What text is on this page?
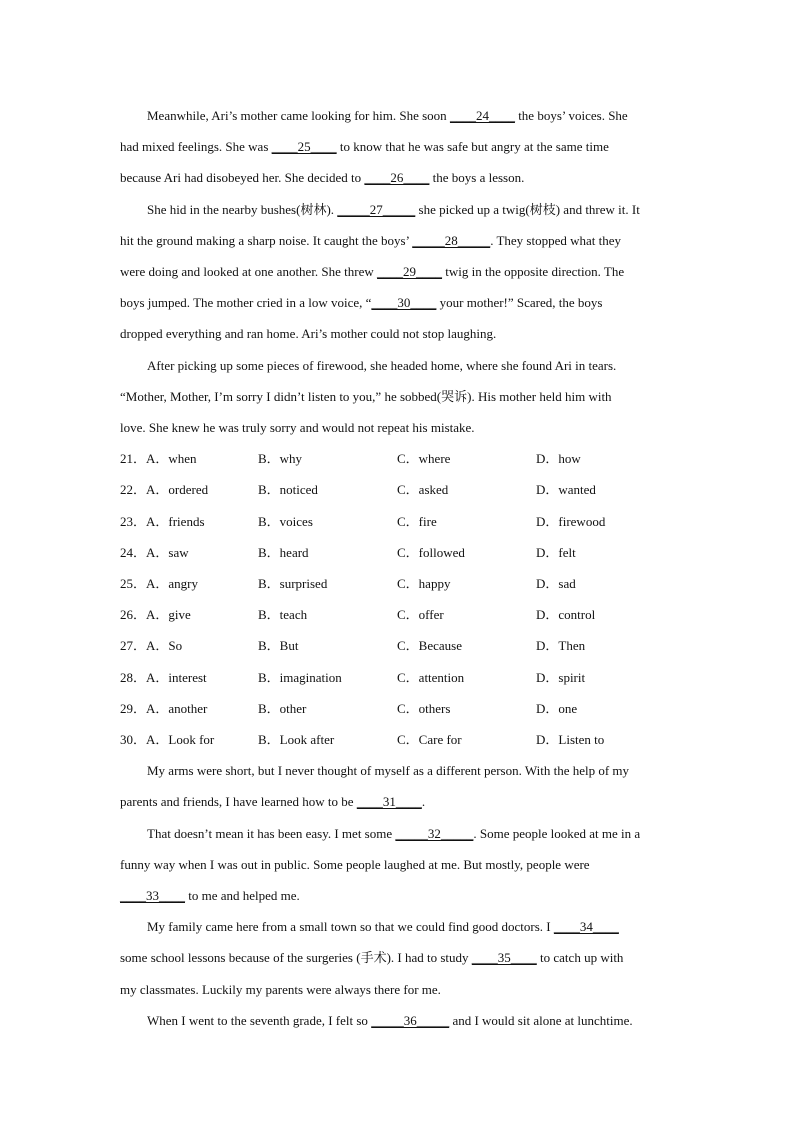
Meanwhile, Ari’s mother came looking for him. She soon ____24____ the boys’ voices. She

had mixed feelings. She was ____25____ to know that he was safe but angry at the same time

because Ari had disobeyed her. She decided to ____26____ the boys a lesson.

She hid in the nearby bushes(树林). _____27_____ she picked up a twig(树枝) and threw it. It

hit the ground making a sharp noise. It caught the boys’ _____28_____. They stopped what they

were doing and looked at one another. She threw ____29____ twig in the opposite direction. The

boys jumped. The mother cried in a low voice, “____30____ your mother!” Scared, the boys

dropped everything and ran home. Ari’s mother could not stop laughing.

After picking up some pieces of firewood, she headed home, where she found Ari in tears.

“Mother, Mother, I’m sorry I didn’t listen to you,” he sobbed(哭诉). His mother held him with

love. She knew he was truly sorry and would not repeat his mistake.

21．A．when	B．why	C．where	D．how
22．A．ordered	B．noticed	C．asked	D．wanted
23．A．friends	B．voices	C．fire	D．firewood
24．A．saw	B．heard	C．followed	D．felt
25．A．angry	B．surprised	C．happy	D．sad
26．A．give	B．teach	C．offer	D．control
27．A．So	B．But	C．Because	D．Then
28．A．interest	B．imagination	C．attention	D．spirit
29．A．another	B．other	C．others	D．one
30．A．Look for	B．Look after	C．Care for	D．Listen to

My arms were short, but I never thought of myself as a different person. With the help of my

parents and friends, I have learned how to be ____31____.

That doesn’t mean it has been easy. I met some _____32_____. Some people looked at me in a

funny way when I was out in public. Some people laughed at me. But mostly, people were

____33____ to me and helped me.

My family came here from a small town so that we could find good doctors. I ____34____

some school lessons because of the surgeries (手术). I had to study ____35____ to catch up with

my classmates. Luckily my parents were always there for me.

When I went to the seventh grade, I felt so _____36_____ and I would sit alone at lunchtime.
